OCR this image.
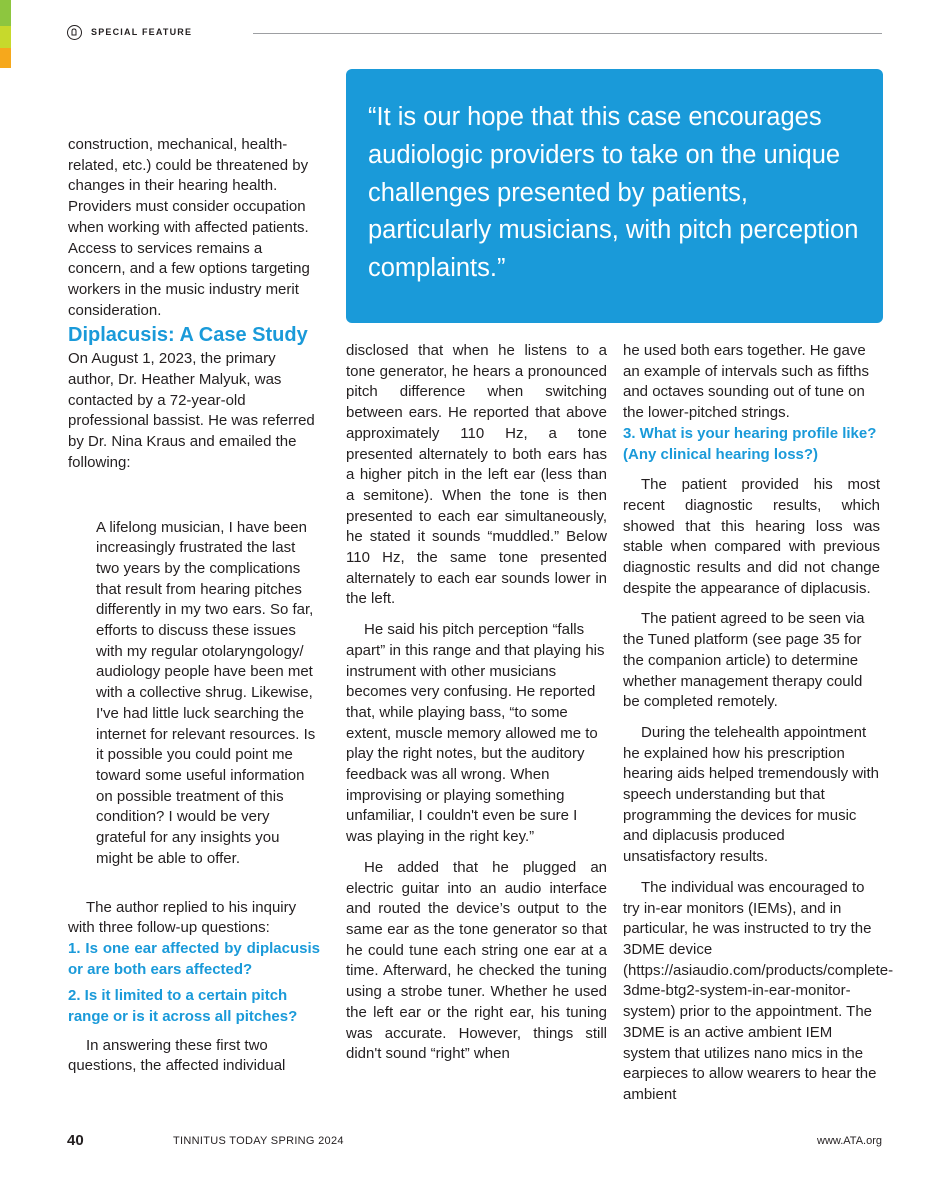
SPECIAL FEATURE

“It is our hope that this case encourages audiologic providers to take on the unique challenges presented by patients, particularly musicians, with pitch perception complaints.”

construction, mechanical, health-related, etc.) could be threatened by changes in their hearing health. Providers must consider occupation when working with affected patients. Access to services remains a concern, and a few options targeting workers in the music industry merit consideration.

Diplacusis: A Case Study

On August 1, 2023, the primary author, Dr. Heather Malyuk, was contacted by a 72-year-old professional bassist. He was referred by Dr. Nina Kraus and emailed the following:

A lifelong musician, I have been increasingly frustrated the last two years by the complications that result from hearing pitches differently in my two ears. So far, efforts to discuss these issues with my regular otolaryngology/ audiology people have been met with a collective shrug. Likewise, I've had little luck searching the internet for relevant resources. Is it possible you could point me toward some useful information on possible treatment of this condition? I would be very grateful for any insights you might be able to offer.

The author replied to his inquiry with three follow-up questions:

1. Is one ear affected by diplacusis or are both ears affected?

2. Is it limited to a certain pitch range or is it across all pitches?

In answering these first two questions, the affected individual

disclosed that when he listens to a tone generator, he hears a pronounced pitch difference when switching between ears. He reported that above approximately 110 Hz, a tone presented alternately to both ears has a higher pitch in the left ear (less than a semitone). When the tone is then presented to each ear simultaneously, he stated it sounds “muddled.” Below 110 Hz, the same tone presented alternately to each ear sounds lower in the left.

He said his pitch perception “falls apart” in this range and that playing his instrument with other musicians becomes very confusing. He reported that, while playing bass, “to some extent, muscle memory allowed me to play the right notes, but the auditory feedback was all wrong. When improvising or playing something unfamiliar, I couldn't even be sure I was playing in the right key.”

He added that he plugged an electric guitar into an audio interface and routed the device’s output to the same ear as the tone generator so that he could tune each string one ear at a time. Afterward, he checked the tuning using a strobe tuner. Whether he used the left ear or the right ear, his tuning was accurate. However, things still didn't sound “right” when

he used both ears together. He gave an example of intervals such as fifths and octaves sounding out of tune on the lower-pitched strings.

3. What is your hearing profile like? (Any clinical hearing loss?)

The patient provided his most recent diagnostic results, which showed that this hearing loss was stable when compared with previous diagnostic results and did not change despite the appearance of diplacusis.

The patient agreed to be seen via the Tuned platform (see page 35 for the companion article) to determine whether management therapy could be completed remotely.

During the telehealth appointment he explained how his prescription hearing aids helped tremendously with speech understanding but that programming the devices for music and diplacusis produced unsatisfactory results.

The individual was encouraged to try in-ear monitors (IEMs), and in particular, he was instructed to try the 3DME device (https://asiaudio.com/products/complete-3dme-btg2-system-in-ear-monitor-system) prior to the appointment. The 3DME is an active ambient IEM system that utilizes nano mics in the earpieces to allow wearers to hear the ambient

40	TINNITUS TODAY SPRING 2024	www.ATA.org
